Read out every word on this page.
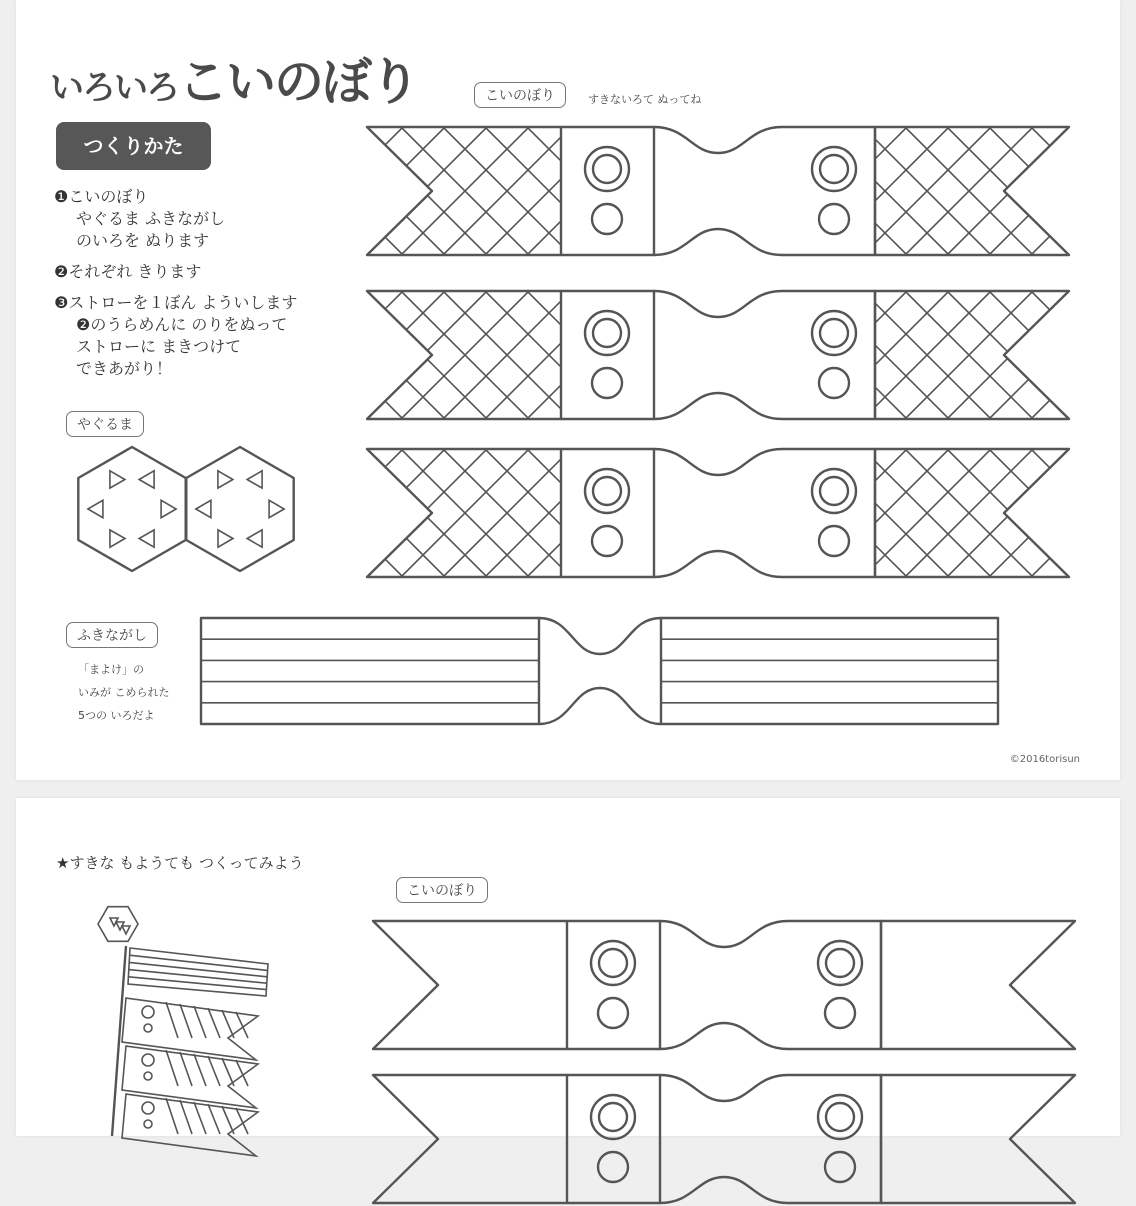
いろいろこいのぼり	こいのぼり	すきないろて ぬってね
つくりかた

❶こいのぼり
やぐるま ふきながし
のいろを ぬります

❷それぞれ きります

❸ストローを１ぼん よういします
❷のうらめんに のりをぬって
ストローに まきつけて
できあがり！

やぐるま
ふきながし
「まよけ」の
いみが こめられた
5つの いろだよ
©2016torisun
★すきな もようても つくってみよう
こいのぼり
